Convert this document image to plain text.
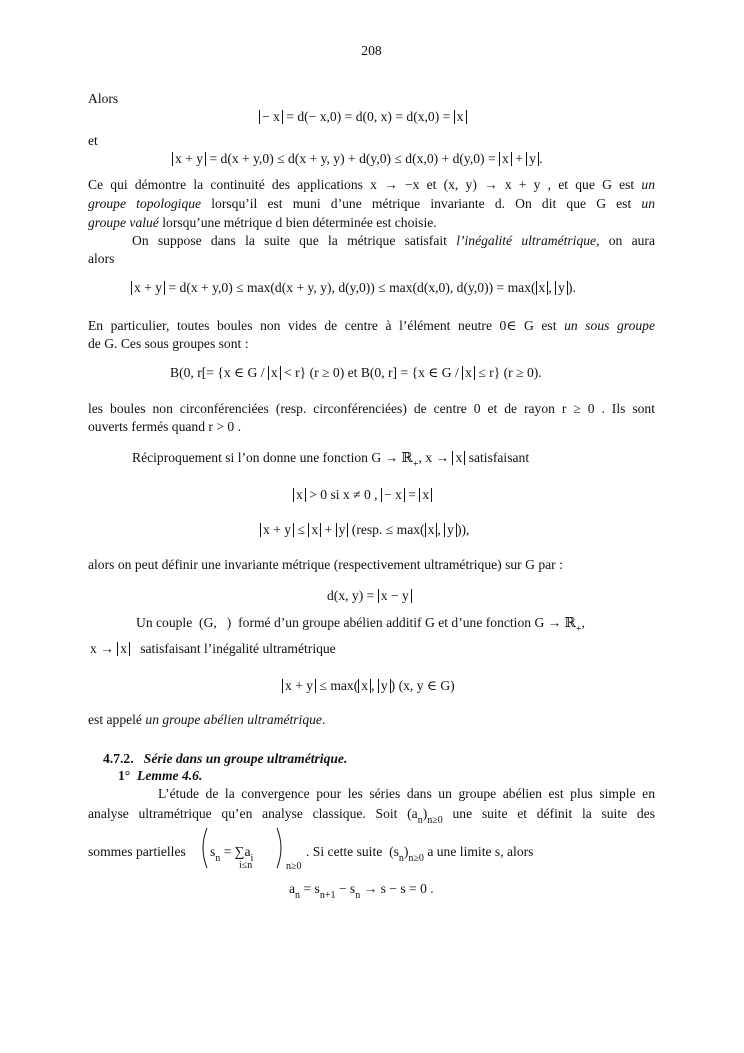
208
Alors
− x = d(− x,0) = d(0, x) = d(x,0) = x
et
x + y = d(x + y,0) ≤ d(x + y, y) + d(y,0) ≤ d(x,0) + d(y,0) = x + y .
Ce qui démontre la continuité des applications x → −x et (x, y) → x + y , et que G est un
groupe topologique lorsqu’il est muni d’une métrique invariante d. On dit que G est un
groupe valué lorsqu’une métrique d bien déterminée est choisie.
On suppose dans la suite que la métrique satisfait l’inégalité ultramétrique, on aura
alors
x + y = d(x + y,0) ≤ max(d(x + y, y), d(y,0)) ≤ max(d(x,0), d(y,0)) = max( x , y ).
En particulier, toutes boules non vides de centre à l’élément neutre 0∈ G est un sous groupe
de G. Ces sous groupes sont :
B(0, r[= {x ∈ G / x < r} (r ≥ 0) et B(0, r] = {x ∈ G / x ≤ r} (r ≥ 0).
les boules non circonférenciées (resp. circonférenciées) de centre 0 et de rayon r ≥ 0 . Ils sont
ouverts fermés quand r > 0 .
Réciproquement si l’on donne une fonction G → ℝ$_+$, x → x satisfaisant
x > 0 si x ≠ 0 , − x = x
x + y ≤ x + y (resp. ≤ max( x , y )),
alors on peut définir une invariante métrique (respectivement ultramétrique) sur G par :
d(x, y) = x − y
Un couple (G, )  formé d’un groupe abélien additif G et d’une fonction G → ℝ$_+$,
x → x satisfaisant l’inégalité ultramétrique
x + y ≤ max( x , y ) (x, y ∈ G)
est appelé un groupe abélien ultramétrique.
4.7.2. Série dans un groupe ultramétrique.
1° Lemme 4.6.
L’étude de la convergence pour les séries dans un groupe abélien est plus simple en
analyse ultramétrique qu’en analyse classique. Soit $(a_n)_{n\ge 0}$ une suite et définit la suite des
sommes partielles $s_n = \sum a_i$
i≤n	n≥0
. Si cette suite $(s_n)_{n\ge 0}$ a une limite s, alors
$a_n = s_{n+1} - s_n \to s - s = 0$ .
